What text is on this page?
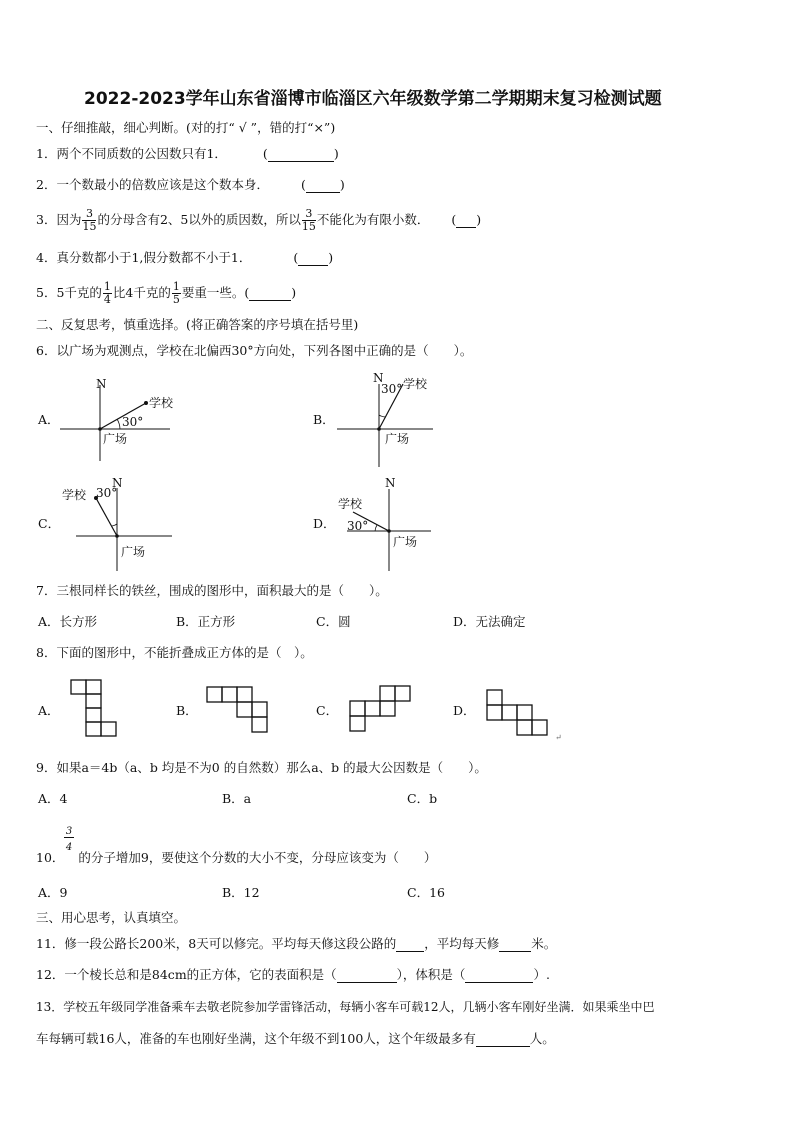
2022-2023学年山东省淄博市临淄区六年级数学第二学期期末复习检测试题
一、仔细推敲，细心判断。(对的打“ √ ”，错的打“×”)
1．两个不同质数的公因数只有1．	(	)
2．一个数最小的倍数应该是这个数本身．	(	)
3．因为 $\frac{3}{15}$ 的分母含有2、5以外的质因数，所以 $\frac{3}{15}$ 不能化为有限小数． ( )
4．真分数都小于1,假分数都不小于1．	( )
5．5千克的 $\frac{1}{4}$ 比4千克的 $\frac{1}{5}$ 要重一些。(	)
二、反复思考，慎重选择。(将正确答案的序号填在括号里)
6．以广场为观测点，学校在北偏西30°方向处，下列各图中正确的是（　　）。
A．	B．
C．	D．
N
学校
30°
广场
N
30° 学校
广场
N
30°
学校
广场
N
学校
30°
广场
7．三根同样长的铁丝，围成的图形中，面积最大的是（　　）。
A．长方形	B．正方形	C．圆	D．无法确定
8．下面的图形中，不能折叠成正方体的是（　）。
A．	B．	C．	D．
↵
9．如果a＝4b（a、b 均是不为0 的自然数）那么a、b 的最大公因数是（　　）。
A．4	B．a	C．b
3
4
10． 的分子增加9，要使这个分数的大小不变，分母应该变为（　　）
A．9	B．12	C．16
三、用心思考，认真填空。
11．修一段公路长200米，8天可以修完。平均每天修这段公路的 ，平均每天修	米。
12．一个棱长总和是84cm的正方体，它的表面积是（	），体积是（	）.
13．学校五年级同学准备乘车去敬老院参加学雷锋活动，每辆小客车可载12人，几辆小客车刚好坐满．如果乘坐中巴
车每辆可载16人，准备的车也刚好坐满，这个年级不到100人，这个年级最多有	人。
